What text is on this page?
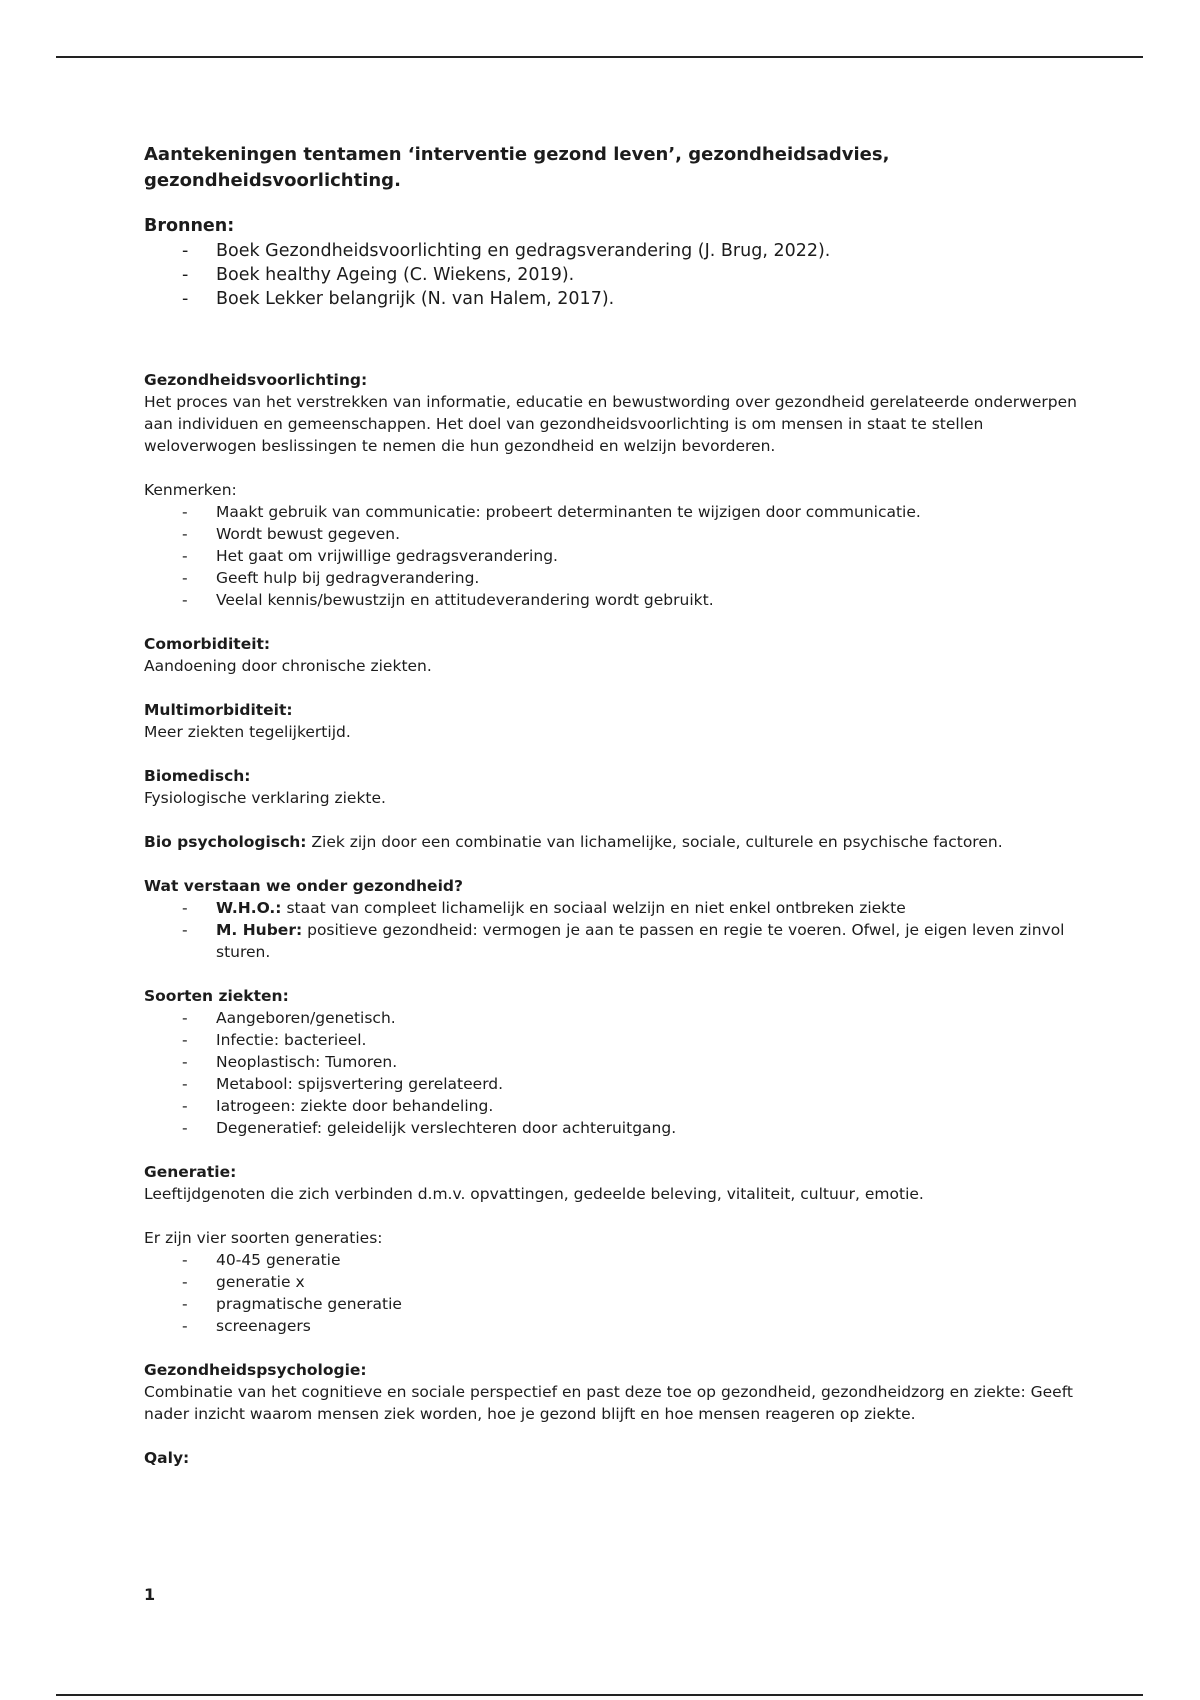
Aantekeningen tentamen ‘interventie gezond leven’, gezondheidsadvies, gezondheidsvoorlichting.
Bronnen:
- Boek Gezondheidsvoorlichting en gedragsverandering (J. Brug, 2022).
- Boek healthy Ageing (C. Wiekens, 2019).
- Boek Lekker belangrijk (N. van Halem, 2017).
Gezondheidsvoorlichting:

Het proces van het verstrekken van informatie, educatie en bewustwording over gezondheid gerelateerde onderwerpen aan individuen en gemeenschappen. Het doel van gezondheidsvoorlichting is om mensen in staat te stellen weloverwogen beslissingen te nemen die hun gezondheid en welzijn bevorderen.

Kenmerken:

- Maakt gebruik van communicatie: probeert determinanten te wijzigen door communicatie.
- Wordt bewust gegeven.
- Het gaat om vrijwillige gedragsverandering.
- Geeft hulp bij gedragverandering.
- Veelal kennis/bewustzijn en attitudeverandering wordt gebruikt.
Comorbiditeit:

Aandoening door chronische ziekten.

Multimorbiditeit:

Meer ziekten tegelijkertijd.

Biomedisch:

Fysiologische verklaring ziekte.

Bio psychologisch: Ziek zijn door een combinatie van lichamelijke, sociale, culturele en psychische factoren.

Wat verstaan we onder gezondheid?
- W.H.O.: staat van compleet lichamelijk en sociaal welzijn en niet enkel ontbreken ziekte
- M. Huber: positieve gezondheid: vermogen je aan te passen en regie te voeren. Ofwel, je eigen leven zinvol sturen.
Soorten ziekten:
- Aangeboren/genetisch.
- Infectie: bacterieel.
- Neoplastisch: Tumoren.
- Metabool: spijsvertering gerelateerd.
- Iatrogeen: ziekte door behandeling.
- Degeneratief: geleidelijk verslechteren door achteruitgang.
Generatie:

Leeftijdgenoten die zich verbinden d.m.v. opvattingen, gedeelde beleving, vitaliteit, cultuur, emotie.

Er zijn vier soorten generaties:

- 40-45 generatie
- generatie x
- pragmatische generatie
- screenagers
Gezondheidspsychologie:

Combinatie van het cognitieve en sociale perspectief en past deze toe op gezondheid, gezondheidzorg en ziekte: Geeft nader inzicht waarom mensen ziek worden, hoe je gezond blijft en hoe mensen reageren op ziekte.

Qaly:
1
